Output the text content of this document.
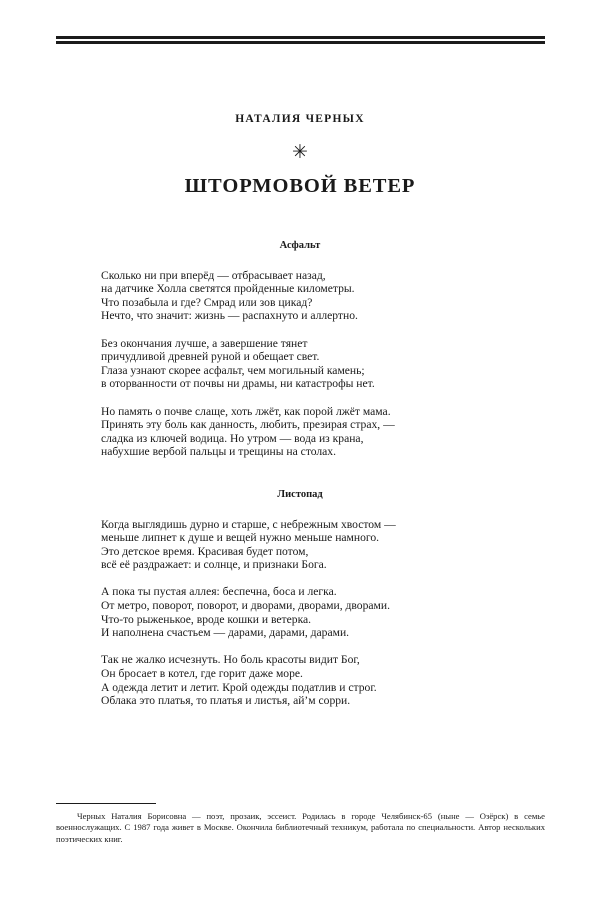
НАТАЛИЯ ЧЕРНЫХ
✳
ШТОРМОВОЙ ВЕТЕР
Асфальт
Сколько ни при вперёд — отбрасывает назад,
на датчике Холла светятся пройденные километры.
Что позабыла и где? Смрад или зов цикад?
Нечто, что значит: жизнь — распахнуто и аллертно.
Без окончания лучше, а завершение тянет
причудливой древней руной и обещает свет.
Глаза узнают скорее асфальт, чем могильный камень;
в оторванности от почвы ни драмы, ни катастрофы нет.
Но память о почве слаще, хоть лжёт, как порой лжёт мама.
Принять эту боль как данность, любить, презирая страх, —
сладка из ключей водица. Но утром — вода из крана,
набухшие вербой пальцы и трещины на столах.
Листопад
Когда выглядишь дурно и старше, с небрежным хвостом —
меньше липнет к душе и вещей нужно меньше намного.
Это детское время. Красивая будет потом,
всё её раздражает: и солнце, и признаки Бога.
А пока ты пустая аллея: беспечна, боса и легка.
От метро, поворот, поворот, и дворами, дворами, дворами.
Что-то рыженькое, вроде кошки и ветерка.
И наполнена счастьем — дарами, дарами, дарами.
Так не жалко исчезнуть. Но боль красоты видит Бог,
Он бросает в котел, где горит даже море.
А одежда летит и летит. Крой одежды податлив и строг.
Облака это платья, то платья и листья, ай’м сорри.
Черных Наталия Борисовна — поэт, прозаик, эссеист. Родилась в городе Челябинск-65 (ныне — Озёрск) в семье военнослужащих. С 1987 года живет в Москве. Окончила библиотечный техникум, работала по специальности. Автор нескольких поэтических книг.
